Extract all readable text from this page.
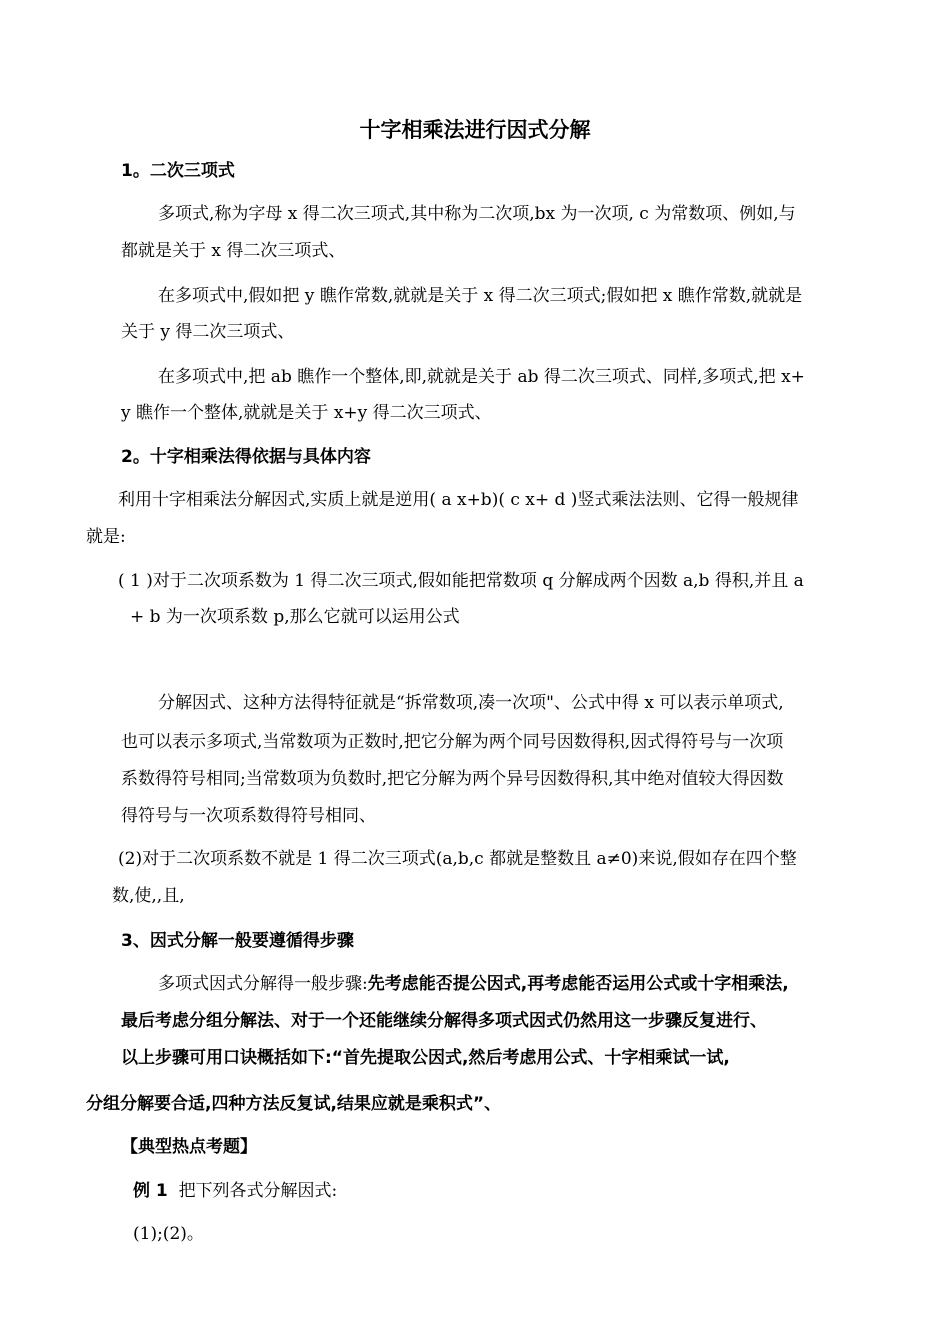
十字相乘法进行因式分解
1。二次三项式
多项式,称为字母 x 得二次三项式,其中称为二次项,bx 为一次项, c 为常数项、例如,与
都就是关于 x 得二次三项式、
在多项式中,假如把 y 瞧作常数,就就是关于 x 得二次三项式;假如把 x 瞧作常数,就就是
关于 y 得二次三项式、
在多项式中,把 ab 瞧作一个整体,即,就就是关于 ab 得二次三项式、同样,多项式,把 x+
y 瞧作一个整体,就就是关于 x+y 得二次三项式、
2。十字相乘法得依据与具体内容
利用十字相乘法分解因式,实质上就是逆用( a x+b)( c x+ d )竖式乘法法则、它得一般规律
就是:
( 1 )对于二次项系数为 1 得二次三项式,假如能把常数项 q 分解成两个因数 a,b 得积,并且 a
+ b 为一次项系数 p,那么它就可以运用公式
分解因式、这种方法得特征就是“拆常数项,凑一次项"、公式中得 x 可以表示单项式,
也可以表示多项式,当常数项为正数时,把它分解为两个同号因数得积,因式得符号与一次项
系数得符号相同;当常数项为负数时,把它分解为两个异号因数得积,其中绝对值较大得因数
得符号与一次项系数得符号相同、
(2)对于二次项系数不就是 1 得二次三项式(a,b,c 都就是整数且 a≠0)来说,假如存在四个整
数,使,,且,
3、因式分解一般要遵循得步骤
多项式因式分解得一般步骤:先考虑能否提公因式,再考虑能否运用公式或十字相乘法,
最后考虑分组分解法、对于一个还能继续分解得多项式因式仍然用这一步骤反复进行、
以上步骤可用口诀概括如下:“首先提取公因式,然后考虑用公式、十字相乘试一试,
分组分解要合适,四种方法反复试,结果应就是乘积式”、
【典型热点考题】
例 1 把下列各式分解因式:
(1);(2)。
